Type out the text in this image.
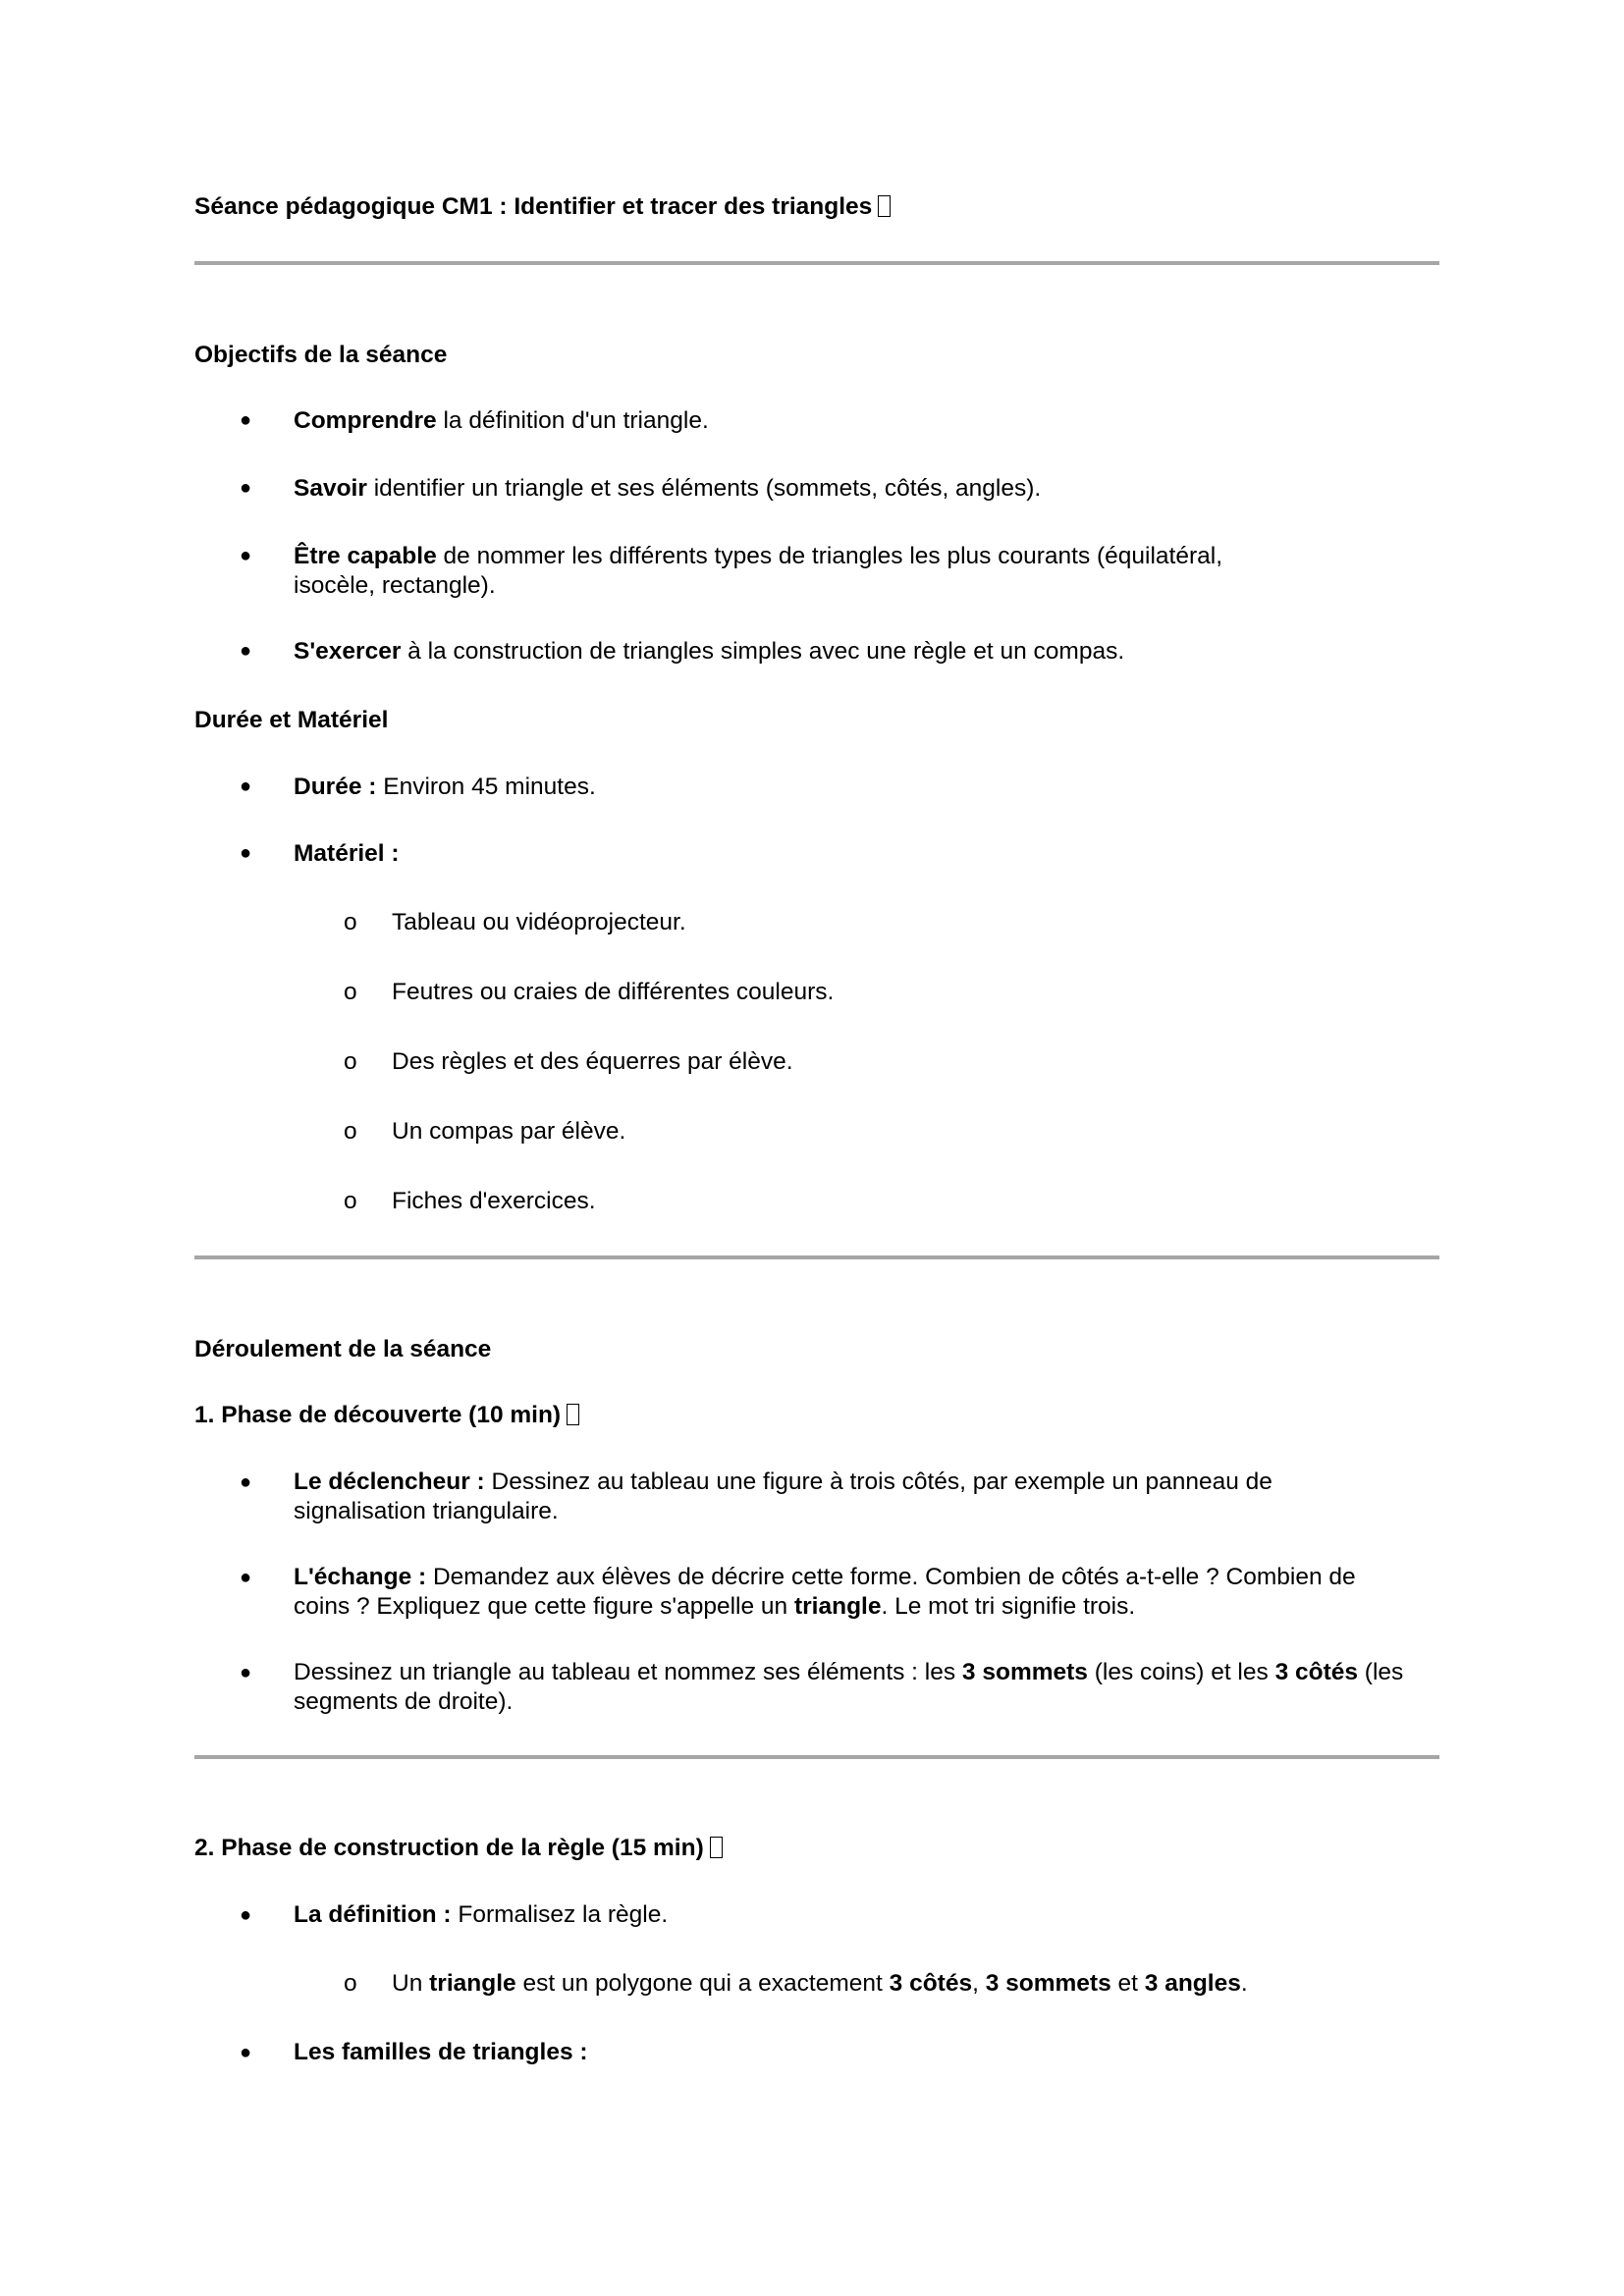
Séance pédagogique CM1 : Identifier et tracer des triangles
Objectifs de la séance
●
Comprendre la définition d'un triangle.
●
Savoir identifier un triangle et ses éléments (sommets, côtés, angles).
●
Être capable de nommer les différents types de triangles les plus courants (équilatéral, isocèle, rectangle).
●
S'exercer à la construction de triangles simples avec une règle et un compas.
Durée et Matériel
●
Durée : Environ 45 minutes.
●
Matériel :
o
Tableau ou vidéoprojecteur.
o
Feutres ou craies de différentes couleurs.
o
Des règles et des équerres par élève.
o
Un compas par élève.
o
Fiches d'exercices.
Déroulement de la séance
1. Phase de découverte (10 min)
●
Le déclencheur : Dessinez au tableau une figure à trois côtés, par exemple un panneau de signalisation triangulaire.
●
L'échange : Demandez aux élèves de décrire cette forme. Combien de côtés a-t-elle ? Combien de coins ? Expliquez que cette figure s'appelle un triangle. Le mot tri signifie trois.
●
Dessinez un triangle au tableau et nommez ses éléments : les 3 sommets (les coins) et les 3 côtés (les segments de droite).
2. Phase de construction de la règle (15 min)
●
La définition : Formalisez la règle.
o
Un triangle est un polygone qui a exactement 3 côtés, 3 sommets et 3 angles.
●
Les familles de triangles :
